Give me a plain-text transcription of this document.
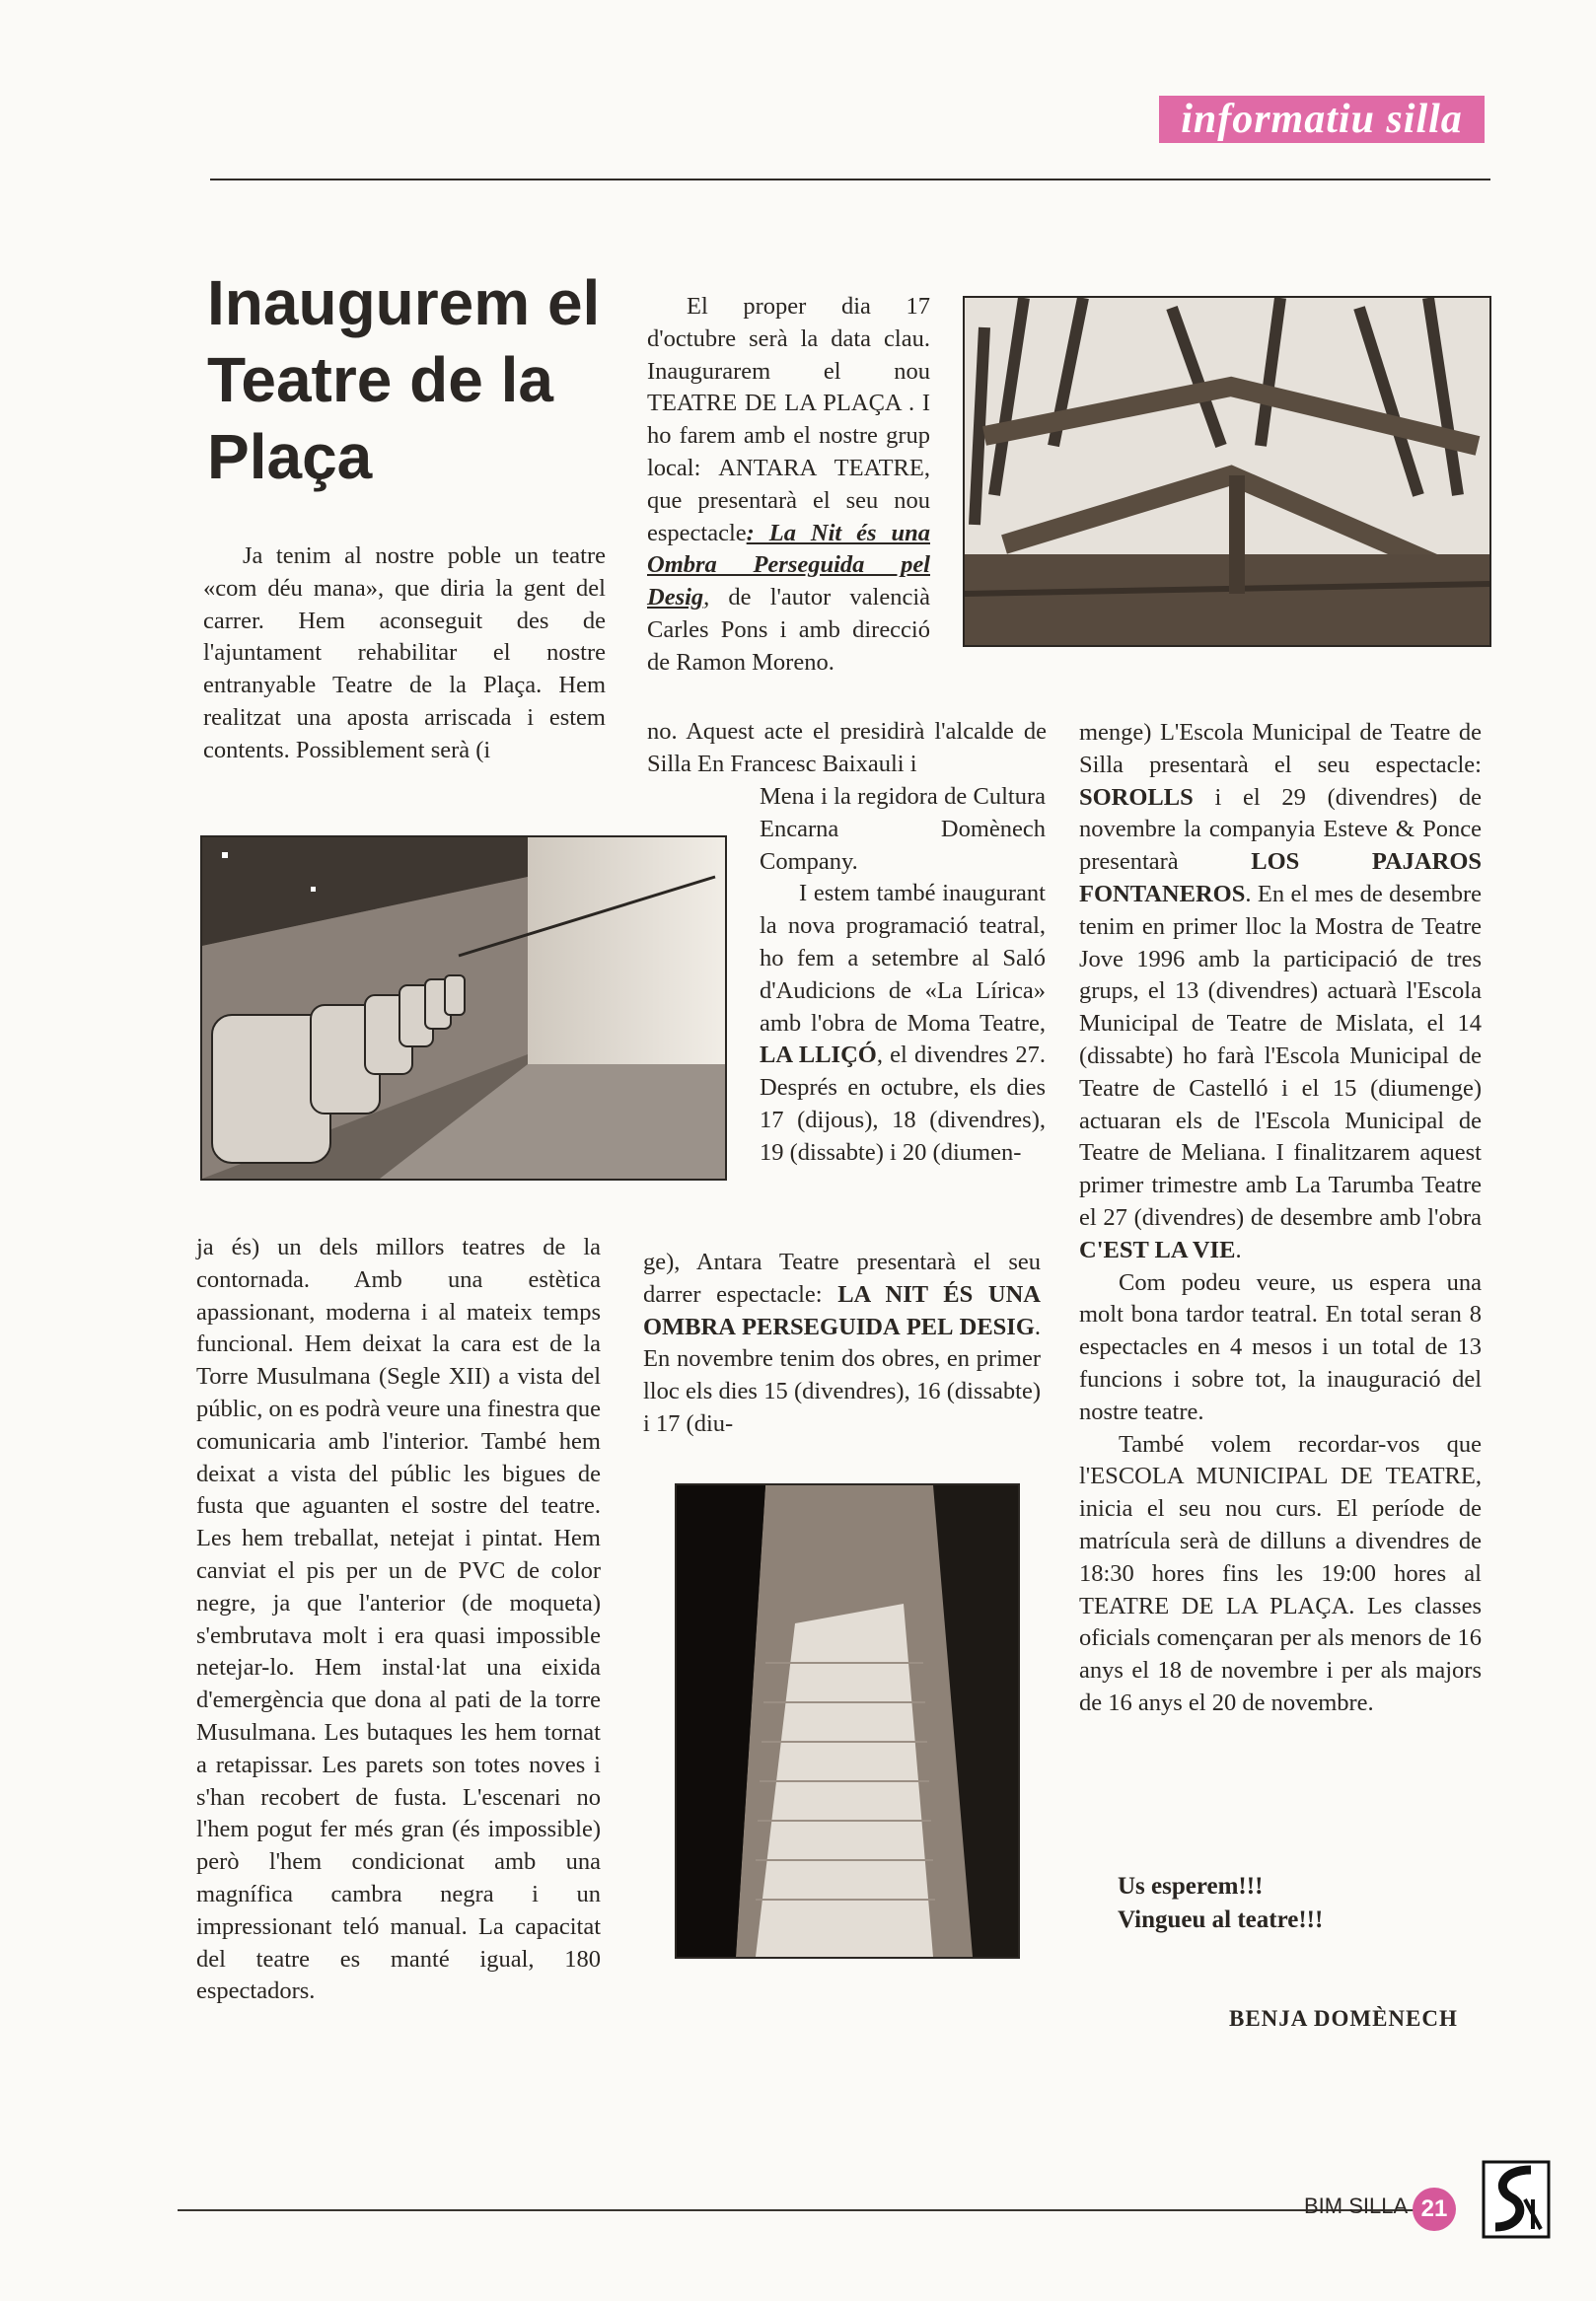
informatiu silla
Inaugurem el Teatre de la Plaça

Ja tenim al nostre poble un teatre «com déu mana», que diria la gent del carrer. Hem aconseguit des de l'ajuntament rehabilitar el nostre entranyable Teatre de la Plaça. Hem realitzat una aposta arriscada i estem contents. Possiblement serà (i

ja és) un dels millors teatres de la contornada. Amb una estètica apassionant, moderna i al mateix temps funcional. Hem deixat la cara est de la Torre Musulmana (Segle XII) a vista del públic, on es podrà veure una finestra que comunicaria amb l'interior. També hem deixat a vista del públic les bigues de fusta que aguanten el sostre del teatre. Les hem treballat, netejat i pintat. Hem canviat el pis per un de PVC de color negre, ja que l'anterior (de moqueta) s'embrutava molt i era quasi impossible netejar-lo. Hem instal·lat una eixida d'emergència que dona al pati de la torre Musulmana. Les butaques les hem tornat a retapissar. Les parets son totes noves i s'han recobert de fusta. L'escenari no l'hem pogut fer més gran (és impossible) però l'hem condicionat amb una magnífica cambra negra i un impressionant teló manual. La capacitat del teatre es manté igual, 180 espectadors.

El proper dia 17 d'octubre serà la data clau. Inaugurarem el nou TEATRE DE LA PLAÇA . I ho farem amb el nostre grup local: ANTARA TEATRE, que presentarà el seu nou espectacle: La Nit és una Ombra Perseguida pel Desig, de l'autor valencià Carles Pons i amb direcció de Ramon Moreno.

no. Aquest acte el presidirà l'alcalde de Silla En Francesc Baixauli i

Mena i la regidora de Cultura Encarna Domènech Company.

I estem també inaugurant la nova programació teatral, ho fem a setembre al Saló d'Audicions de «La Lírica» amb l'obra de Moma Teatre, LA LLIÇÓ, el divendres 27. Després en octubre, els dies 17 (dijous), 18 (divendres), 19 (dissabte) i 20 (diumen-

ge), Antara Teatre presentarà el seu darrer espectacle: LA NIT ÉS UNA OMBRA PERSEGUIDA PEL DESIG. En novembre tenim dos obres, en primer lloc els dies 15 (divendres), 16 (dissabte) i 17 (diu-

menge) L'Escola Municipal de Teatre de Silla presentarà el seu espectacle: SOROLLS i el 29 (divendres) de novembre la companyia Esteve & Ponce presentarà	LOS PAJAROS FONTANEROS. En el mes de desembre tenim en primer lloc la Mostra de Teatre Jove 1996 amb la participació de tres grups, el 13 (divendres) actuarà l'Escola Municipal de Teatre de Mislata, el 14 (dissabte) ho farà l'Escola Municipal de Teatre de Castelló i el 15 (diumenge) actuaran els de l'Escola Municipal de Teatre de Meliana. I finalitzarem aquest primer trimestre amb La Tarumba Teatre el 27 (divendres) de desembre amb l'obra C'EST LA VIE.

Com podeu veure, us espera una molt bona tardor teatral. En total seran 8 espectacles en 4 mesos i un total de 13 funcions i sobre tot, la inauguració del nostre teatre.

També volem recordar-vos que l'ESCOLA MUNICIPAL DE TEATRE, inicia el seu nou curs. El període de matrícula serà de dilluns a divendres de 18:30 hores fins les 19:00 hores al TEATRE DE LA PLAÇA. Les classes oficials començaran per als menors de 16 anys el 18 de novembre i per als majors de 16 anys el 20 de novembre.

Us esperem!!!
Vingueu al teatre!!!
BENJA DOMÈNECH
BIM SILLA 21
